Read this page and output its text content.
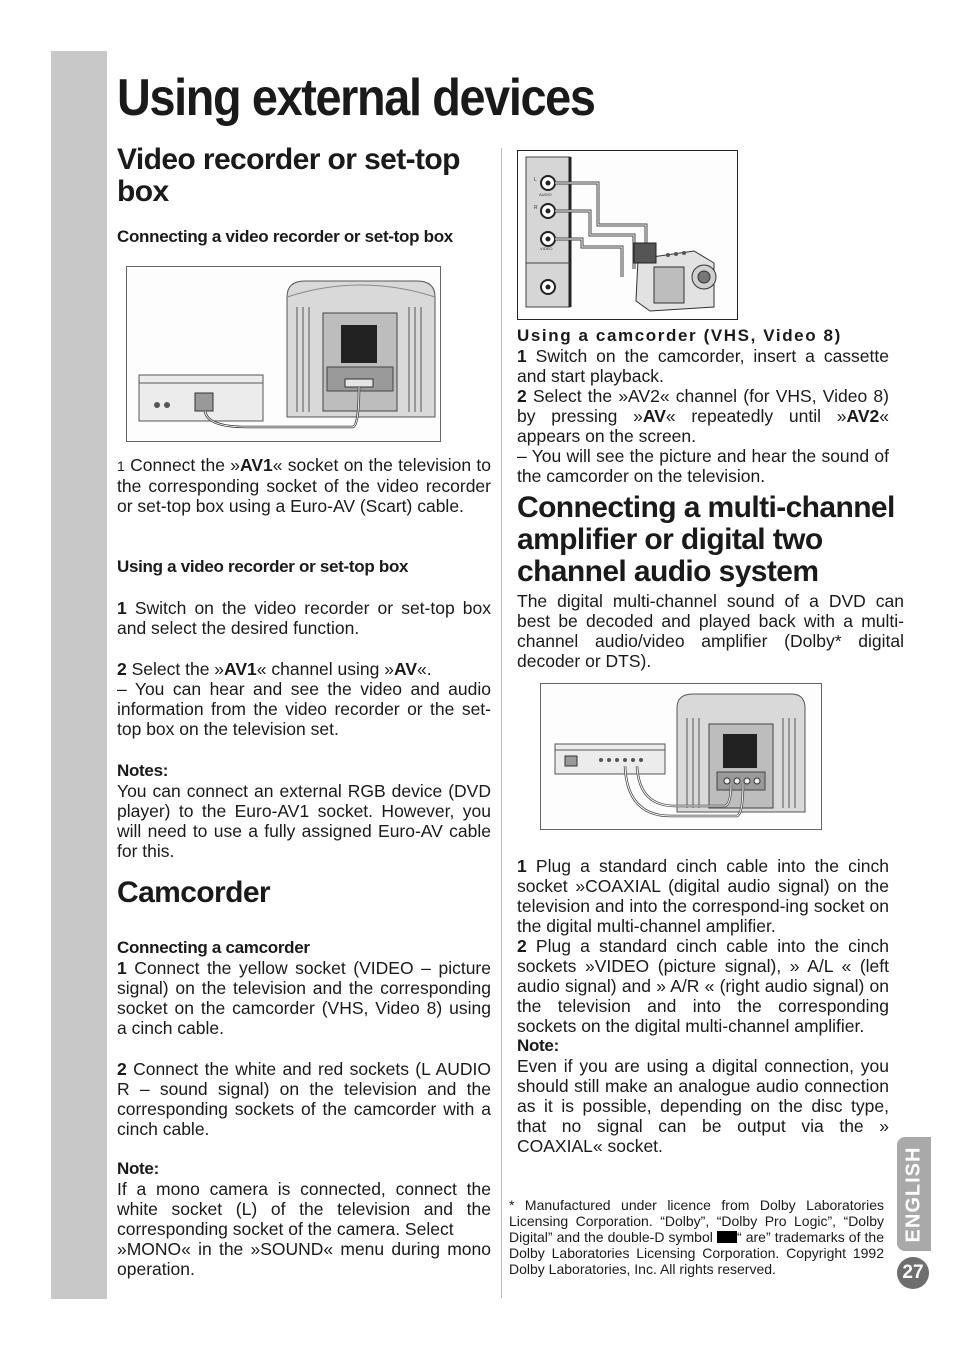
Using external devices
Video recorder or set-top box
Connecting a video recorder or set-top box

1 Connect the »AV1« socket on the television to the corresponding socket of the video recorder or set-top box using a Euro-AV (Scart) cable.

Using a video recorder or set-top box

1 Switch on the video recorder or set-top box and select the desired function.

2 Select the »AV1« channel using »AV«.

– You can hear and see the video and audio information from the video recorder or the set-top box on the television set.

Notes:

You can connect an external RGB device (DVD player) to the Euro-AV1 socket. However, you will need to use a fully assigned Euro-AV cable for this.

Camcorder
Connecting a camcorder

1 Connect the yellow socket (VIDEO – picture signal) on the television and the corresponding socket on the camcorder (VHS, Video 8) using a cinch cable.

2 Connect the white and red sockets (L AUDIO R – sound signal) on the television and the corresponding sockets of the camcorder with a cinch cable.

Note:

If a mono camera is connected, connect the white socket (L) of the television and the corresponding socket of the camera. Select

»MONO« in the »SOUND« menu during mono operation.

L
AUDIO
R
VIDEO
Using a camcorder (VHS, Video 8)

1 Switch on the camcorder, insert a cassette and start playback.

2 Select the »AV2« channel (for VHS, Video 8) by pressing »AV« repeatedly until »AV2« appears on the screen.

– You will see the picture and hear the sound of the camcorder on the television.

Connecting a multi-channel amplifier or digital two channel audio system

The digital multi-channel sound of a DVD can best be decoded and played back with a multi-channel audio/video amplifier (Dolby* digital decoder or DTS).

1 Plug a standard cinch cable into the cinch socket »COAXIAL (digital audio signal) on the television and into the correspond-ing socket on the digital multi-channel amplifier.

2 Plug a standard cinch cable into the cinch sockets »VIDEO (picture signal), » A/L « (left audio signal) and » A/R « (right audio signal) on the television and into the corresponding sockets on the digital multi-channel amplifier.

Note:

Even if you are using a digital connection, you should still make an analogue audio connection as it is possible, depending on the disc type, that no signal can be output via the » COAXIAL« socket.

* Manufactured under licence from Dolby Laboratories Licensing Corporation. “Dolby”, “Dolby Pro Logic”, “Dolby Digital” and the double-D symbol “ are” trademarks of the Dolby Laboratories Licensing Corporation. Copyright 1992 Dolby Laboratories, Inc. All rights reserved.

ENGLISH
27
